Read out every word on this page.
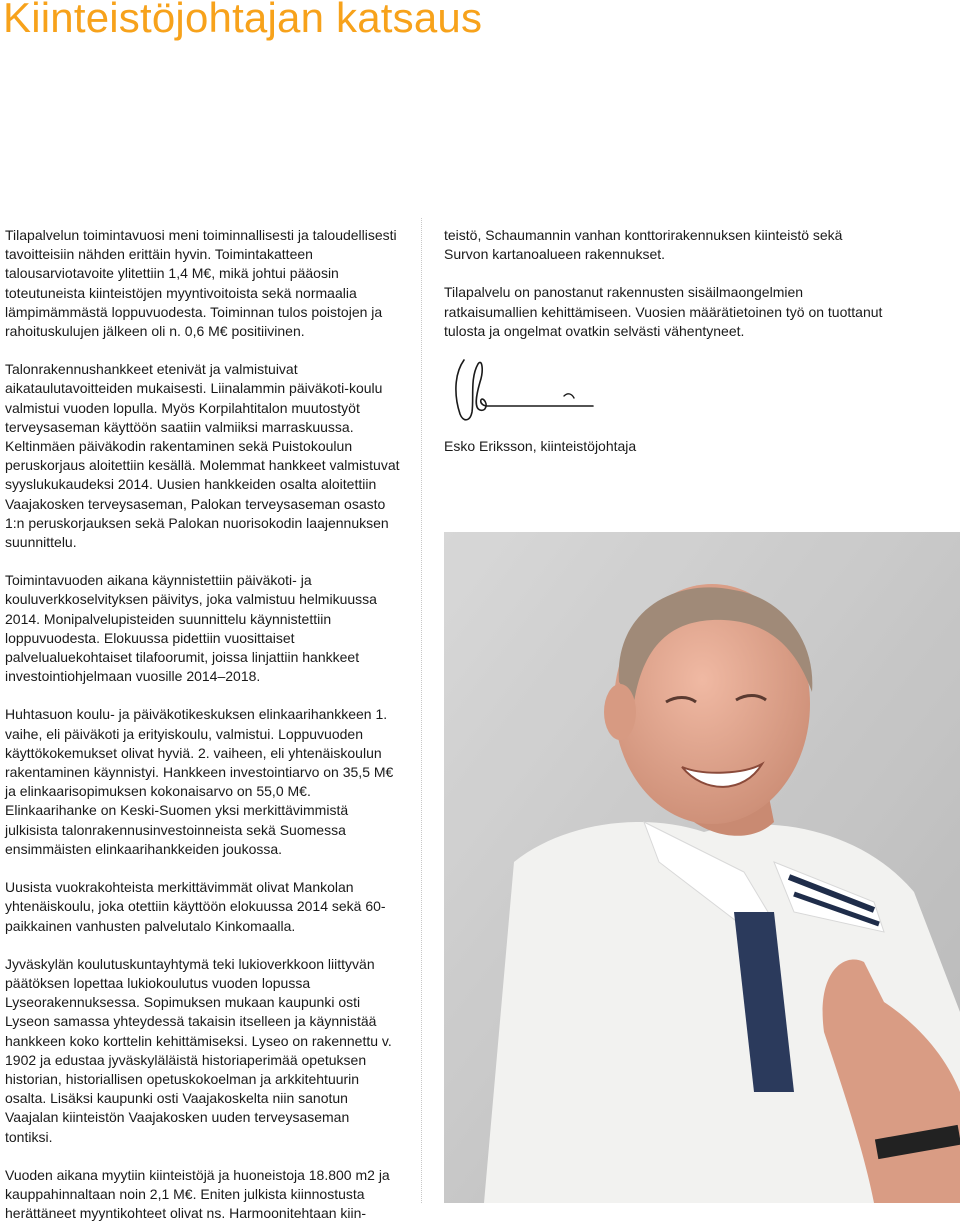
Kiinteistöjohtajan katsaus

Tilapalvelun toimintavuosi meni toiminnallisesti ja taloudellisesti tavoitteisiin nähden erittäin hyvin. Toimintakatteen talousarviotavoite ylitettiin 1,4 M€, mikä johtui pääosin toteutuneista kiinteistöjen myyntivoitoista sekä normaalia lämpimämmästä loppuvuodesta. Toiminnan tulos poistojen ja rahoituskulujen jälkeen oli n. 0,6 M€ positiivinen.

Talonrakennushankkeet etenivät ja valmistuivat aikataulutavoitteiden mukaisesti. Liinalammin päiväkoti-koulu valmistui vuoden lopulla. Myös Korpilahtitalon muutostyöt terveysaseman käyttöön saatiin valmiiksi marraskuussa. Keltinmäen päiväkodin rakentaminen sekä Puistokoulun peruskorjaus aloitettiin kesällä. Molemmat hankkeet valmistuvat syyslukukaudeksi 2014. Uusien hankkeiden osalta aloitettiin Vaajakosken terveysaseman, Palokan terveysaseman osasto 1:n peruskorjauksen sekä Palokan nuorisokodin laajennuksen suunnittelu.

Toimintavuoden aikana käynnistettiin päiväkoti- ja kouluverkkoselvityksen päivitys, joka valmistuu helmikuussa 2014. Monipalvelupisteiden suunnittelu käynnistettiin loppuvuodesta. Elokuussa pidettiin vuosittaiset palvelualuekohtaiset tilafoorumit, joissa linjattiin hankkeet investointiohjelmaan vuosille 2014–2018.

Huhtasuon koulu- ja päiväkotikeskuksen elinkaarihankkeen 1. vaihe, eli päiväkoti ja erityiskoulu, valmistui. Loppuvuoden käyttökokemukset olivat hyviä. 2. vaiheen, eli yhtenäiskoulun rakentaminen käynnistyi. Hankkeen investointiarvo on 35,5 M€ ja elinkaarisopimuksen kokonaisarvo on 55,0 M€. Elinkaarihanke on Keski-Suomen yksi merkittävimmistä julkisista talonrakennusinvestoinneista sekä Suomessa ensimmäisten elinkaarihankkeiden joukossa.

Uusista vuokrakohteista merkittävimmät olivat Mankolan yhtenäiskoulu, joka otettiin käyttöön elokuussa 2014 sekä 60-paikkainen vanhusten palvelutalo Kinkomaalla.

Jyväskylän koulutuskuntayhtymä teki lukioverkkoon liittyvän päätöksen lopettaa lukiokoulutus vuoden lopussa Lyseorakennuksessa. Sopimuksen mukaan kaupunki osti Lyseon samassa yhteydessä takaisin itselleen ja käynnistää hankkeen koko korttelin kehittämiseksi. Lyseo on rakennettu v. 1902 ja edustaa jyväskyläläistä historiaperimää opetuksen historian, historiallisen opetuskokoelman ja arkkitehtuurin osalta. Lisäksi kaupunki osti Vaajakoskelta niin sanotun Vaajalan kiinteistön Vaajakosken uuden terveysaseman tontiksi.

Vuoden aikana myytiin kiinteistöjä ja huoneistoja 18.800 m2 ja kauppahinnaltaan noin 2,1 M€. Eniten julkista kiinnostusta herättäneet myyntikohteet olivat ns. Harmoonitehtaan kiin-

teistö, Schaumannin vanhan konttorirakennuksen kiinteistö sekä Survon kartanoalueen rakennukset.

Tilapalvelu on panostanut rakennusten sisäilmaongelmien ratkaisumallien kehittämiseen. Vuosien määrätietoinen työ on tuottanut tulosta ja ongelmat ovatkin selvästi vähentyneet.

Esko Eriksson, kiinteistöjohtaja
